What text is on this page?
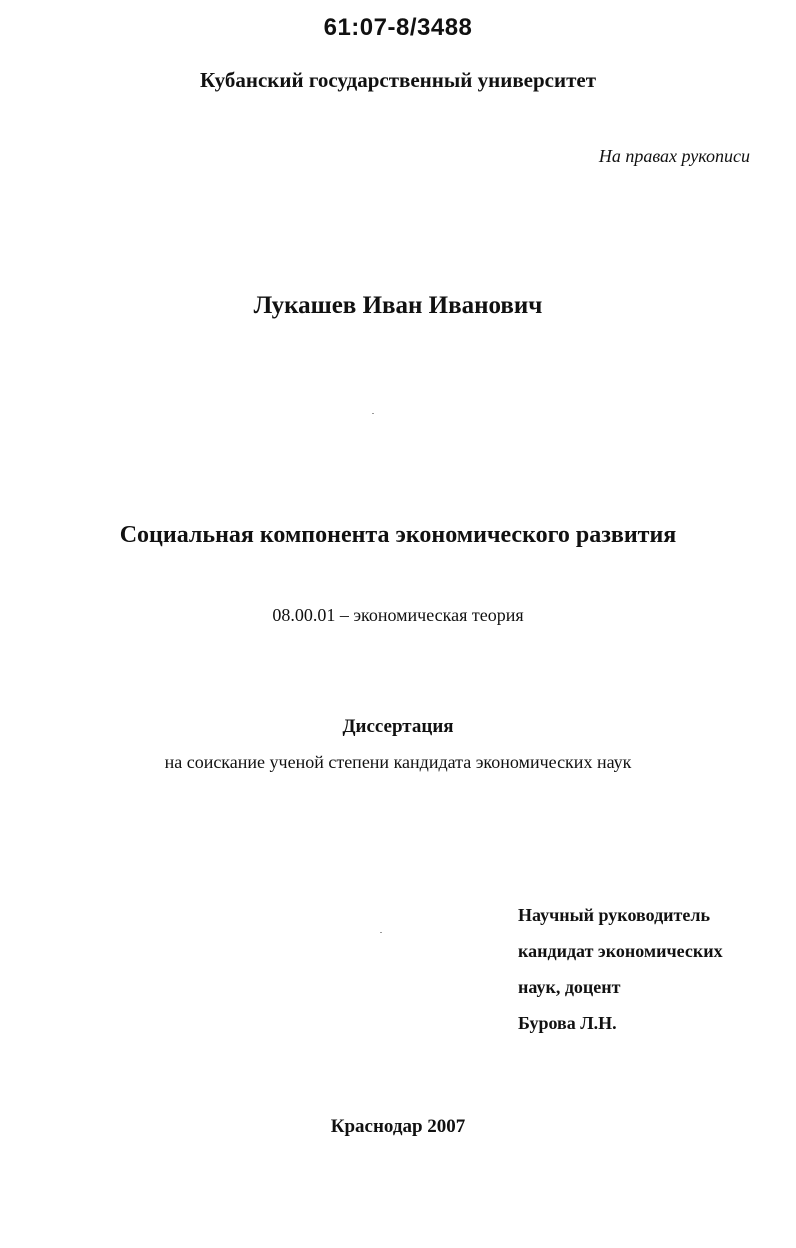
61:07-8/3488
Кубанский государственный университет
На правах рукописи
Лукашев Иван Иванович
Социальная компонента экономического развития
08.00.01 – экономическая теория
Диссертация
на соискание ученой степени кандидата экономических наук
Научный руководитель
кандидат экономических
наук, доцент
Бурова Л.Н.
Краснодар 2007
